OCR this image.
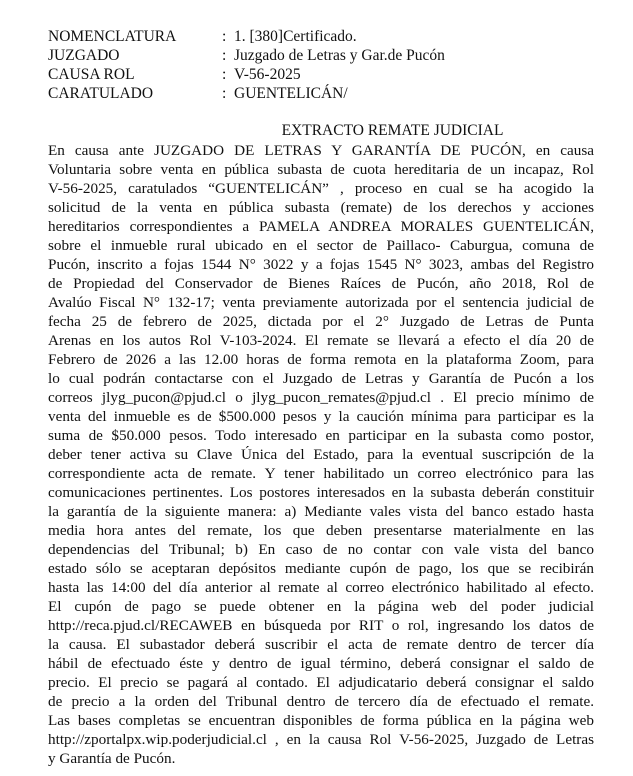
NOMENCLATURA	: 1. [380]Certificado.
JUZGADO	: Juzgado de Letras y Gar.de Pucón
CAUSA ROL	: V-56-2025
CARATULADO	: GUENTELICÁN/
EXTRACTO REMATE JUDICIAL
En causa ante JUZGADO DE LETRAS Y GARANTÍA DE PUCÓN, en causa
Voluntaria sobre venta en pública subasta de cuota hereditaria de un incapaz, Rol
V-56-2025, caratulados “GUENTELICÁN” , proceso en cual se ha acogido la
solicitud de la venta en pública subasta (remate) de los derechos y acciones
hereditarios correspondientes a PAMELA ANDREA MORALES GUENTELICÁN,
sobre el inmueble rural ubicado en el sector de Paillaco- Caburgua, comuna de
Pucón, inscrito a fojas 1544 N° 3022 y a fojas 1545 N° 3023, ambas del Registro
de Propiedad del Conservador de Bienes Raíces de Pucón, año 2018, Rol de
Avalúo Fiscal N° 132-17; venta previamente autorizada por el sentencia judicial de
fecha 25 de febrero de 2025, dictada por el 2° Juzgado de Letras de Punta
Arenas en los autos Rol V-103-2024. El remate se llevará a efecto el día 20 de
Febrero de 2026 a las 12.00 horas de forma remota en la plataforma Zoom, para
lo cual podrán contactarse con el Juzgado de Letras y Garantía de Pucón a los
correos jlyg_pucon@pjud.cl o jlyg_pucon_remates@pjud.cl . El precio mínimo de
venta del inmueble es de $500.000 pesos y la caución mínima para participar es la
suma de $50.000 pesos. Todo interesado en participar en la subasta como postor,
deber tener activa su Clave Única del Estado, para la eventual suscripción de la
correspondiente acta de remate. Y tener habilitado un correo electrónico para las
comunicaciones pertinentes. Los postores interesados en la subasta deberán constituir
la garantía de la siguiente manera: a) Mediante vales vista del banco estado hasta
media hora antes del remate, los que deben presentarse materialmente en las
dependencias del Tribunal; b) En caso de no contar con vale vista del banco
estado sólo se aceptaran depósitos mediante cupón de pago, los que se recibirán
hasta las 14:00 del día anterior al remate al correo electrónico habilitado al efecto.
El cupón de pago se puede obtener en la página web del poder judicial
http://reca.pjud.cl/RECAWEB en búsqueda por RIT o rol, ingresando los datos de
la causa. El subastador deberá suscribir el acta de remate dentro de tercer día
hábil de efectuado éste y dentro de igual término, deberá consignar el saldo de
precio. El precio se pagará al contado. El adjudicatario deberá consignar el saldo
de precio a la orden del Tribunal dentro de tercero día de efectuado el remate.
Las bases completas se encuentran disponibles de forma pública en la página web
http://zportalpx.wip.poderjudicial.cl , en la causa Rol V-56-2025, Juzgado de Letras
y Garantía de Pucón.
